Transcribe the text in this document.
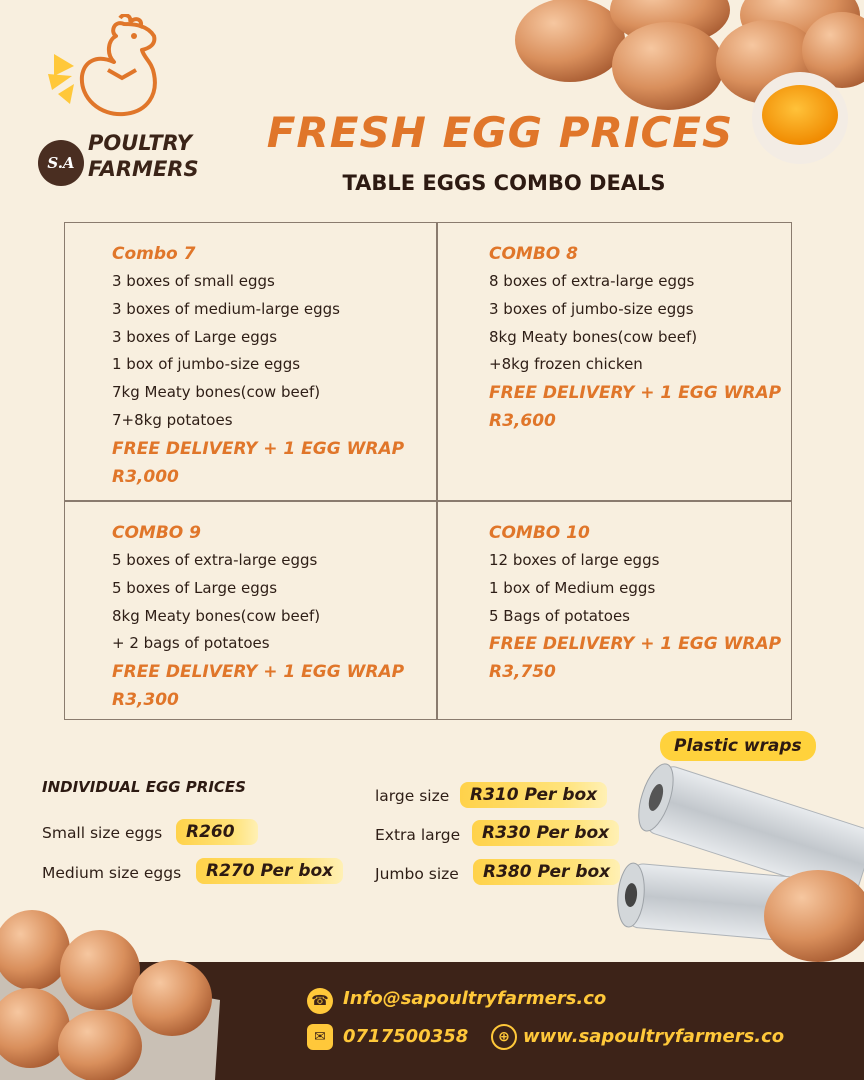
S.A
POULTRY
FARMERS
FRESH EGG PRICES
TABLE EGGS COMBO DEALS
Combo 7
3 boxes of small eggs
3 boxes of medium-large eggs
3 boxes of Large eggs
1 box of jumbo-size eggs
7kg Meaty bones(cow beef)
7+8kg potatoes
FREE DELIVERY + 1 EGG WRAP
R3,000
COMBO 8
8 boxes of extra-large eggs
3 boxes of jumbo-size eggs
8kg Meaty bones(cow beef)
+8kg frozen chicken
FREE DELIVERY + 1 EGG WRAP
R3,600
COMBO 9
5 boxes of extra-large eggs
5 boxes of Large eggs
8kg Meaty bones(cow beef)
+ 2 bags of potatoes
FREE DELIVERY + 1 EGG WRAP
R3,300
COMBO 10
12 boxes of large eggs
1 box of Medium eggs
5 Bags of potatoes
FREE DELIVERY + 1 EGG WRAP
R3,750
INDIVIDUAL EGG PRICES
Small size eggs	R260
Medium size eggs	R270 Per box
large size	R310 Per box
Extra large	R330 Per box
Jumbo size	R380 Per box
Plastic wraps
☎ Info@sapoultryfarmers.co
✉ 0717500358	⊕ www.sapoultryfarmers.co
